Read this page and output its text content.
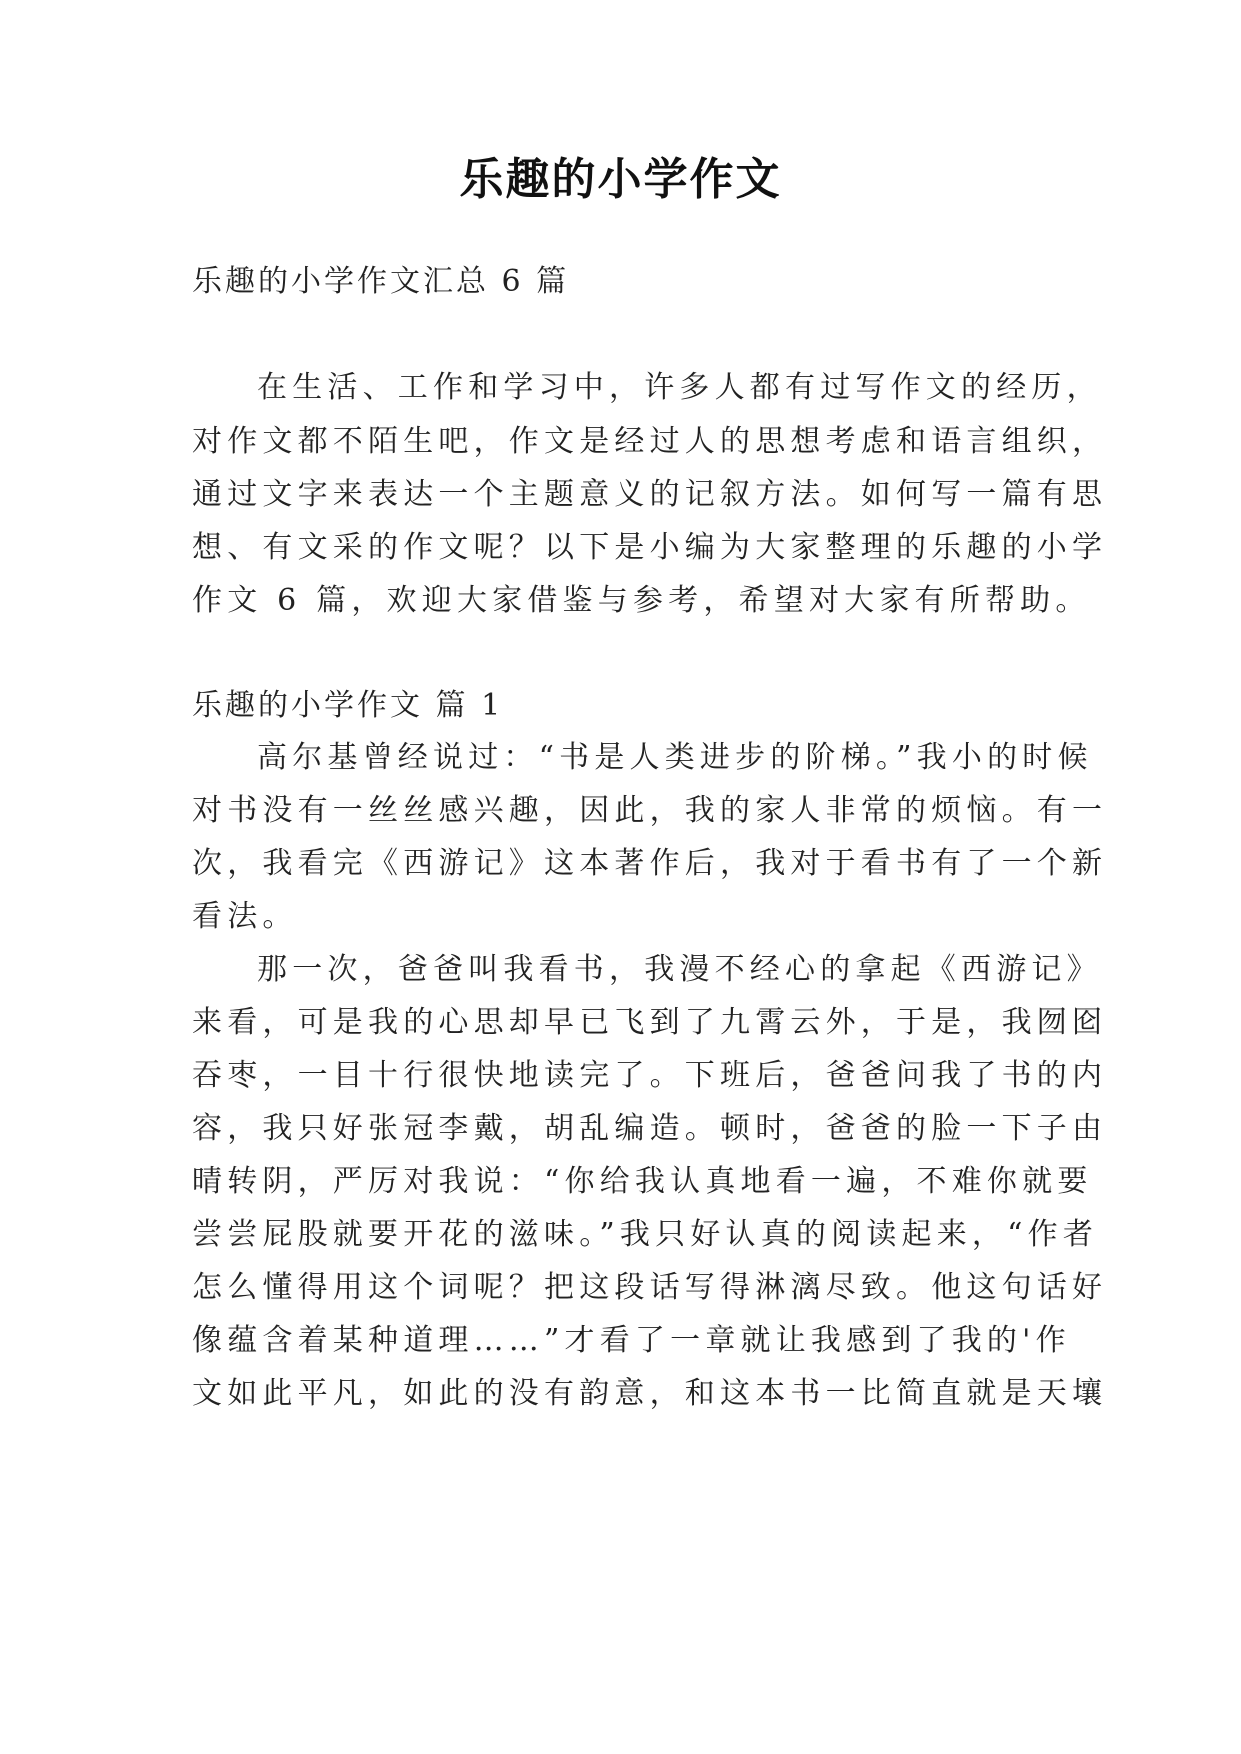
乐趣的小学作文
乐趣的小学作文汇总 6 篇
在生活、工作和学习中，许多人都有过写作文的经历，
对作文都不陌生吧，作文是经过人的思想考虑和语言组织，
通过文字来表达一个主题意义的记叙方法。如何写一篇有思
想、有文采的作文呢？以下是小编为大家整理的乐趣的小学
作文 6 篇，欢迎大家借鉴与参考，希望对大家有所帮助。
乐趣的小学作文 篇 1
高尔基曾经说过：“书是人类进步的阶梯。”我小的时候
对书没有一丝丝感兴趣，因此，我的家人非常的烦恼。有一
次，我看完《西游记》这本著作后，我对于看书有了一个新
看法。
那一次，爸爸叫我看书，我漫不经心的拿起《西游记》
来看，可是我的心思却早已飞到了九霄云外，于是，我囫囵
吞枣，一目十行很快地读完了。下班后，爸爸问我了书的内
容，我只好张冠李戴，胡乱编造。顿时，爸爸的脸一下子由
晴转阴，严厉对我说：“你给我认真地看一遍，不难你就要
尝尝屁股就要开花的滋味。”我只好认真的阅读起来，“作者
怎么懂得用这个词呢？把这段话写得淋漓尽致。他这句话好
像蕴含着某种道理……”才看了一章就让我感到了我的'作
文如此平凡，如此的没有韵意，和这本书一比简直就是天壤
